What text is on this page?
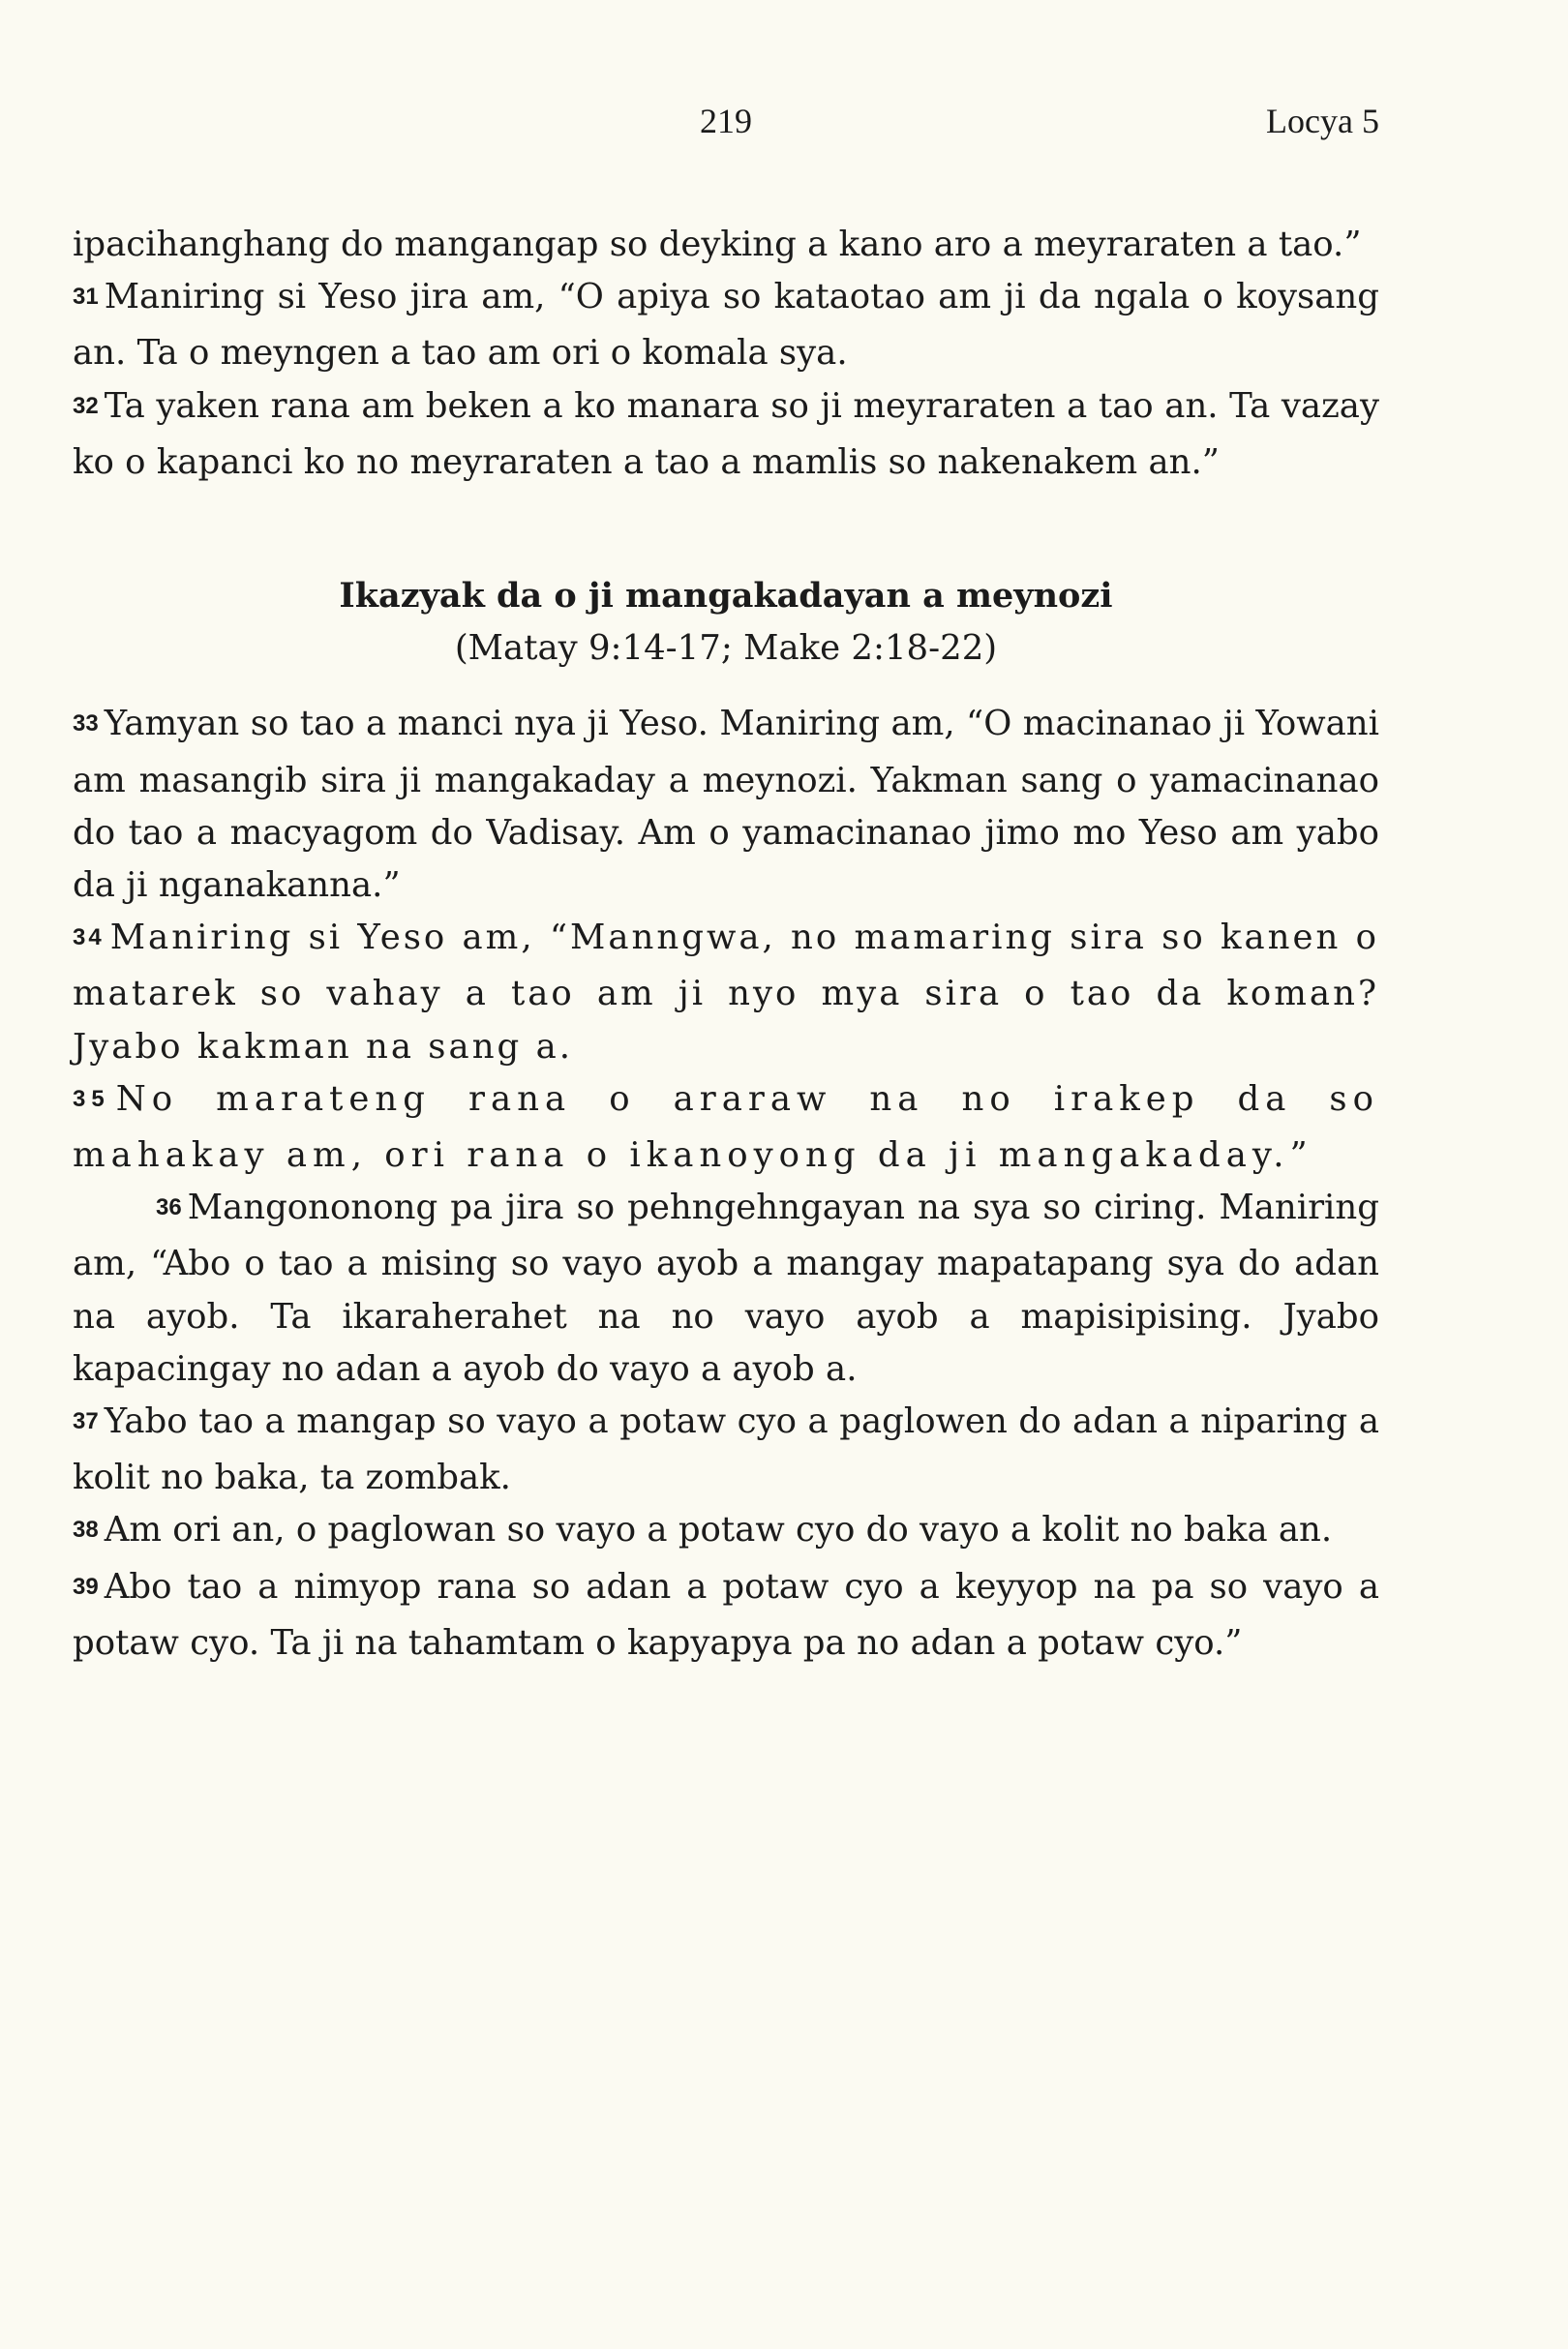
219	Locya 5

ipacihanghang do mangangap so deyking a kano aro a meyraraten a tao.”

31 Maniring si Yeso jira am, “O apiya so kataotao am ji da ngala o koysang an. Ta o meyngen a tao am ori o komala sya.

32 Ta yaken rana am beken a ko manara so ji meyraraten a tao an. Ta vazay ko o kapanci ko no meyraraten a tao a mamlis so nakenakem an.”

Ikazyak da o ji mangakadayan a meynozi
(Matay 9:14-17; Make 2:18-22)

33 Yamyan so tao a manci nya ji Yeso. Maniring am, “O macinanao ji Yowani am masangib sira ji mangakaday a meynozi. Yakman sang o yamacinanao do tao a macyagom do Vadisay. Am o yamacinanao jimo mo Yeso am yabo da ji nganakanna.”

34 Maniring si Yeso am, “Manngwa, no mamaring sira so kanen o matarek so vahay a tao am ji nyo mya sira o tao da koman? Jyabo kakman na sang a.

35 No marateng rana o araraw na no irakep da so mahakay am, ori rana o ikanoyong da ji mangakaday.”

36 Mangononong pa jira so pehngehngayan na sya so ciring. Maniring am, “Abo o tao a mising so vayo ayob a mangay mapatapang sya do adan na ayob. Ta ikaraherahet na no vayo ayob a mapisipising. Jyabo kapacingay no adan a ayob do vayo a ayob a.

37 Yabo tao a mangap so vayo a potaw cyo a paglowen do adan a niparing a kolit no baka, ta zombak.

38 Am ori an, o paglowan so vayo a potaw cyo do vayo a kolit no baka an.

39 Abo tao a nimyop rana so adan a potaw cyo a keyyop na pa so vayo a potaw cyo. Ta ji na tahamtam o kapyapya pa no adan a potaw cyo.”
